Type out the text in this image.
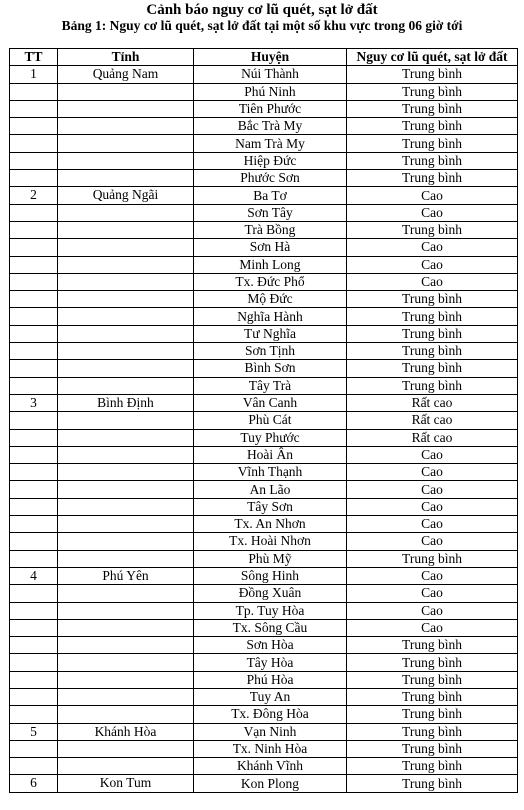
Cảnh báo nguy cơ lũ quét, sạt lở đất
Bảng 1: Nguy cơ lũ quét, sạt lở đất tại một số khu vực trong 06 giờ tới
TT	Tỉnh	Huyện	Nguy cơ lũ quét, sạt lở đất
1	Quảng Nam	Núi Thành	Trung bình
		Phú Ninh	Trung bình
		Tiên Phước	Trung bình
		Bắc Trà My	Trung bình
		Nam Trà My	Trung bình
		Hiệp Đức	Trung bình
		Phước Sơn	Trung bình
2	Quảng Ngãi	Ba Tơ	Cao
		Sơn Tây	Cao
		Trà Bồng	Trung bình
		Sơn Hà	Cao
		Minh Long	Cao
		Tx. Đức Phổ	Cao
		Mộ Đức	Trung bình
		Nghĩa Hành	Trung bình
		Tư Nghĩa	Trung bình
		Sơn Tịnh	Trung bình
		Bình Sơn	Trung bình
		Tây Trà	Trung bình
3	Bình Định	Vân Canh	Rất cao
		Phù Cát	Rất cao
		Tuy Phước	Rất cao
		Hoài Ân	Cao
		Vĩnh Thạnh	Cao
		An Lão	Cao
		Tây Sơn	Cao
		Tx. An Nhơn	Cao
		Tx. Hoài Nhơn	Cao
		Phù Mỹ	Trung bình
4	Phú Yên	Sông Hinh	Cao
		Đồng Xuân	Cao
		Tp. Tuy Hòa	Cao
		Tx. Sông Cầu	Cao
		Sơn Hòa	Trung bình
		Tây Hòa	Trung bình
		Phú Hòa	Trung bình
		Tuy An	Trung bình
		Tx. Đông Hòa	Trung bình
5	Khánh Hòa	Vạn Ninh	Trung bình
		Tx. Ninh Hòa	Trung bình
		Khánh Vĩnh	Trung bình
6	Kon Tum	Kon Plong	Trung bình
